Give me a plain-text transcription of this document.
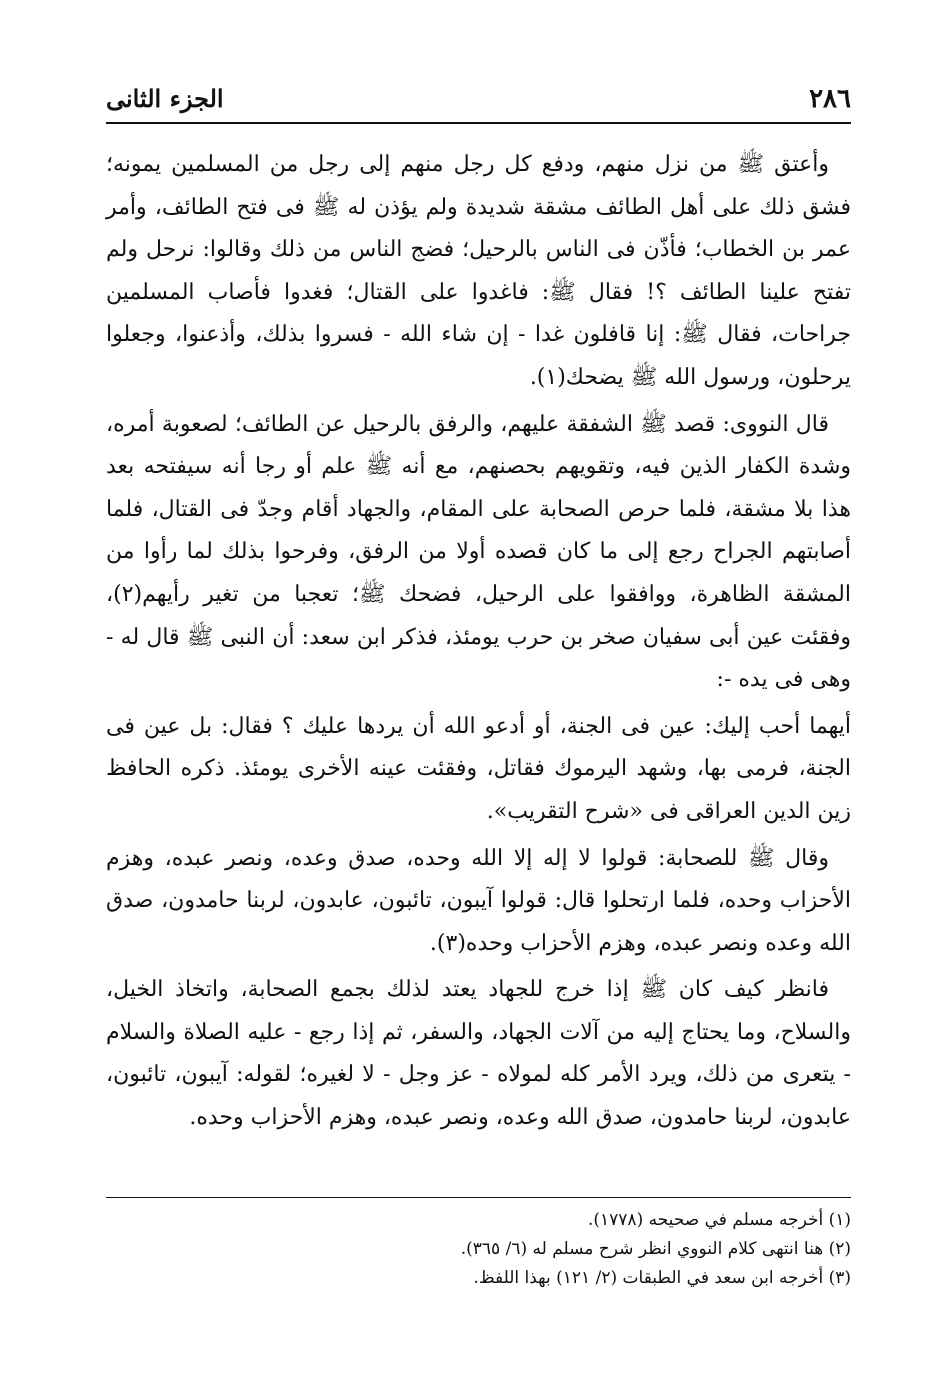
٢٨٦
الجزء الثانى

وأعتق ﷺ من نزل منهم، ودفع كل رجل منهم إلى رجل من المسلمين يمونه؛ فشق ذلك على أهل الطائف مشقة شديدة ولم يؤذن له ﷺ فى فتح الطائف، وأمر عمر بن الخطاب؛ فأذّن فى الناس بالرحيل؛ فضج الناس من ذلك وقالوا: نرحل ولم تفتح علينا الطائف ؟! فقال ﷺ: فاغدوا على القتال؛ فغدوا فأصاب المسلمين جراحات، فقال ﷺ: إنا قافلون غدا - إن شاء الله - فسروا بذلك، وأذعنوا، وجعلوا يرحلون، ورسول الله ﷺ يضحك(١).

قال النووى: قصد ﷺ الشفقة عليهم، والرفق بالرحيل عن الطائف؛ لصعوبة أمره، وشدة الكفار الذين فيه، وتقويهم بحصنهم، مع أنه ﷺ علم أو رجا أنه سيفتحه بعد هذا بلا مشقة، فلما حرص الصحابة على المقام، والجهاد أقام وجدّ فى القتال، فلما أصابتهم الجراح رجع إلى ما كان قصده أولا من الرفق، وفرحوا بذلك لما رأوا من المشقة الظاهرة، ووافقوا على الرحيل، فضحك ﷺ؛ تعجبا من تغير رأيهم(٢)، وفقئت عين أبى سفيان صخر بن حرب يومئذ، فذكر ابن سعد: أن النبى ﷺ قال له - وهى فى يده -:

أيهما أحب إليك: عين فى الجنة، أو أدعو الله أن يردها عليك ؟ فقال: بل عين فى الجنة، فرمى بها، وشهد اليرموك فقاتل، وفقئت عينه الأخرى يومئذ. ذكره الحافظ زين الدين العراقى فى «شرح التقريب».

وقال ﷺ للصحابة: قولوا لا إله إلا الله وحده، صدق وعده، ونصر عبده، وهزم الأحزاب وحده، فلما ارتحلوا قال: قولوا آيبون، تائبون، عابدون، لربنا حامدون، صدق الله وعده ونصر عبده، وهزم الأحزاب وحده(٣).

فانظر كيف كان ﷺ إذا خرج للجهاد يعتد لذلك بجمع الصحابة، واتخاذ الخيل، والسلاح، وما يحتاج إليه من آلات الجهاد، والسفر، ثم إذا رجع - عليه الصلاة والسلام - يتعرى من ذلك، ويرد الأمر كله لمولاه - عز وجل - لا لغيره؛ لقوله: آيبون، تائبون، عابدون، لربنا حامدون، صدق الله وعده، ونصر عبده، وهزم الأحزاب وحده.

(١) أخرجه مسلم في صحيحه (١٧٧٨).
(٢) هنا انتهى كلام النووي انظر شرح مسلم له (٦/ ٣٦٥).
(٣) أخرجه ابن سعد في الطبقات (٢/ ١٢١) بهذا اللفظ.
